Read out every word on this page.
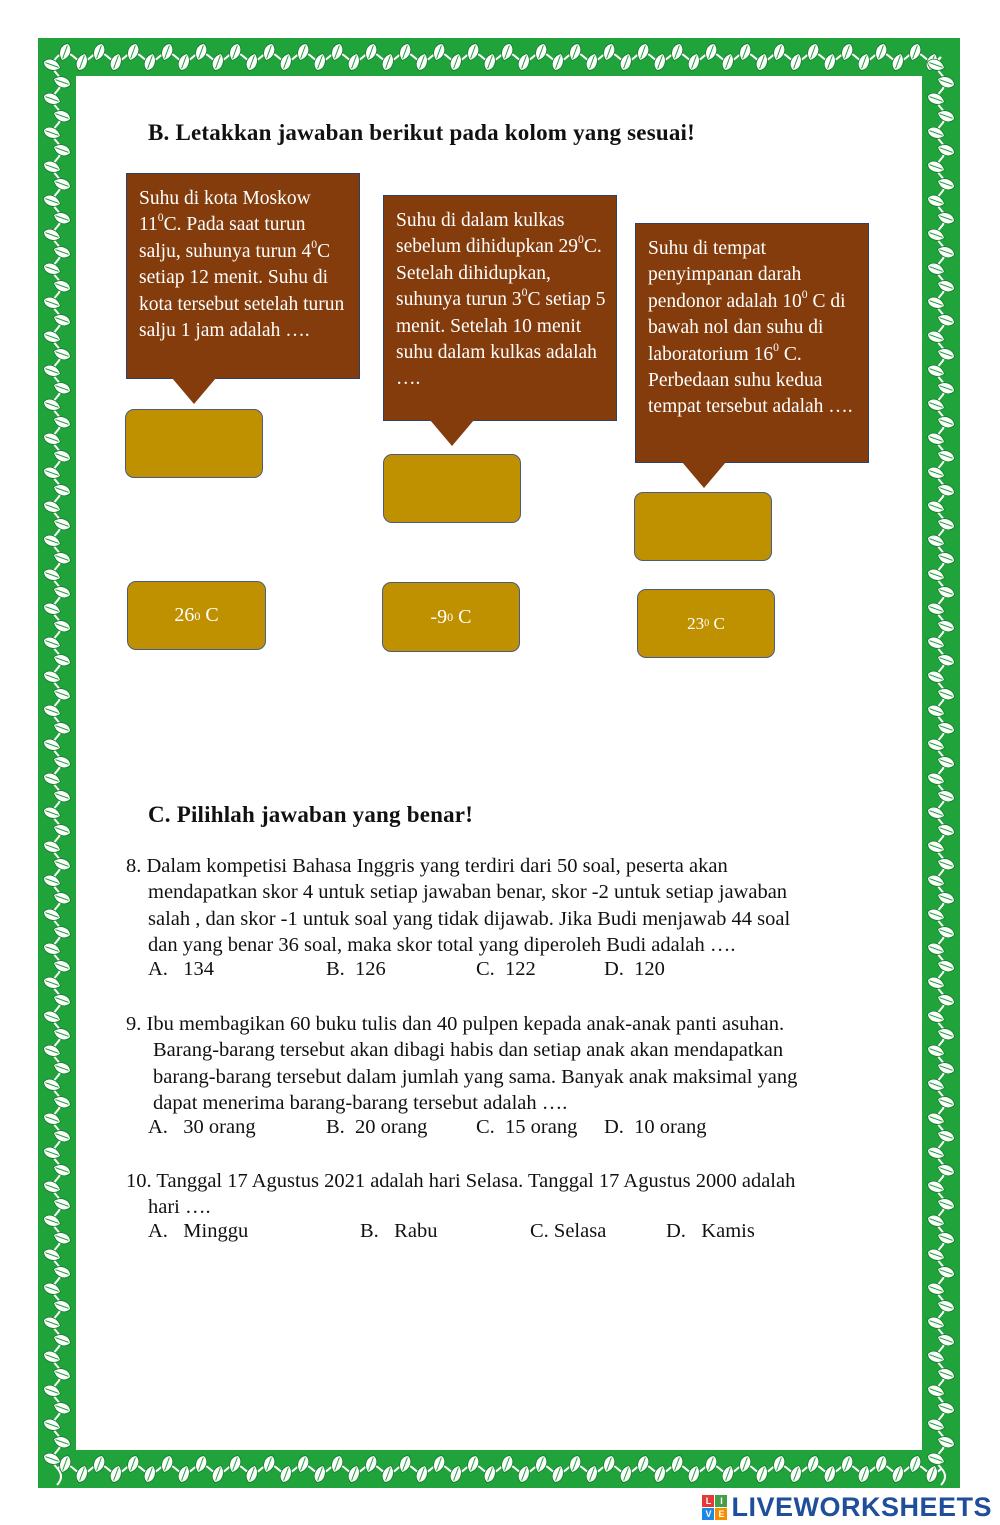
B. Letakkan jawaban berikut pada kolom yang sesuai!
Suhu di kota Moskow $11^0C$. Pada saat turun salju, suhunya turun $4^0C$ setiap 12 menit. Suhu di kota tersebut setelah turun salju 1 jam adalah ….
Suhu di dalam kulkas sebelum dihidupkan $29^0C$. Setelah dihidupkan, suhunya turun $3^0C$ setiap 5 menit. Setelah 10 menit suhu dalam kulkas adalah ….
Suhu di tempat penyimpanan darah pendonor adalah $10^0$ C di bawah nol dan suhu di laboratorium $16^0$ C. Perbedaan suhu kedua tempat tersebut adalah ….
26 0 C	-9 0 C	23 0 C
C. Pilihlah jawaban yang benar!
8. Dalam kompetisi Bahasa Inggris yang terdiri dari 50 soal, peserta akan
mendapatkan skor 4 untuk setiap jawaban benar, skor -2 untuk setiap jawaban
salah , dan skor -1 untuk soal yang tidak dijawab. Jika Budi menjawab 44 soal
dan yang benar 36 soal, maka skor total yang diperoleh Budi adalah ….
A.   134	B.  126	C.  122	D.  120
9. Ibu membagikan 60 buku tulis dan 40 pulpen kepada anak-anak panti asuhan.
Barang-barang tersebut akan dibagi habis dan setiap anak akan mendapatkan
barang-barang tersebut dalam jumlah yang sama. Banyak anak maksimal yang
dapat menerima barang-barang tersebut adalah ….
A.   30 orang	B.  20 orang C.  15 orang D.  10 orang
10. Tanggal 17 Agustus 2021 adalah hari Selasa. Tanggal 17 Agustus 2000 adalah
hari ….
A.   Minggu	B.   Rabu	C. Selasa	D.   Kamis
L I
V E LIVEWORKSHEETS
